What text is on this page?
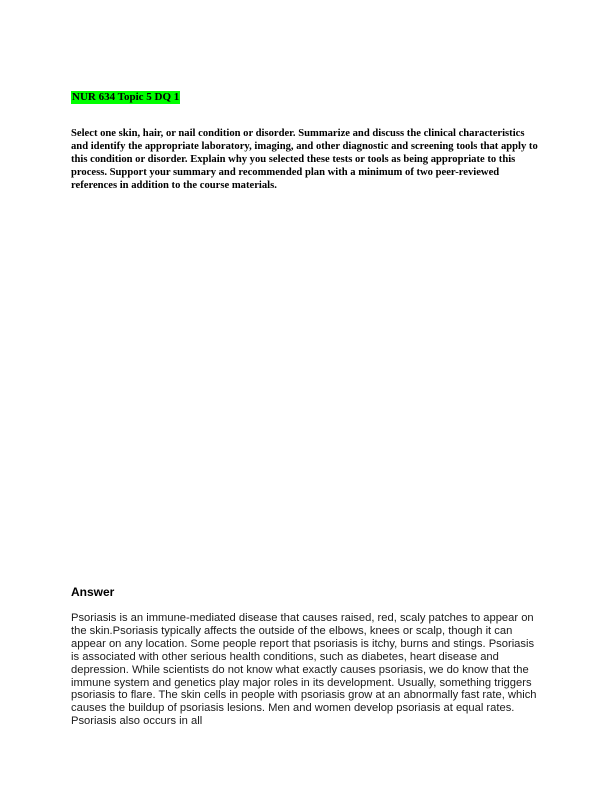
NUR 634 Topic 5 DQ 1

Select one skin, hair, or nail condition or disorder. Summarize and discuss the clinical characteristics and identify the appropriate laboratory, imaging, and other diagnostic and screening tools that apply to this condition or disorder. Explain why you selected these tests or tools as being appropriate to this process. Support your summary and recommended plan with a minimum of two peer-reviewed references in addition to the course materials.

Answer

Psoriasis is an immune-mediated disease that causes raised, red, scaly patches to appear on the skin.Psoriasis typically affects the outside of the elbows, knees or scalp, though it can appear on any location. Some people report that psoriasis is itchy, burns and stings. Psoriasis is associated with other serious health conditions, such as diabetes, heart disease and depression. While scientists do not know what exactly causes psoriasis, we do know that the immune system and genetics play major roles in its development. Usually, something triggers psoriasis to flare. The skin cells in people with psoriasis grow at an abnormally fast rate, which causes the buildup of psoriasis lesions. Men and women develop psoriasis at equal rates. Psoriasis also occurs in all
